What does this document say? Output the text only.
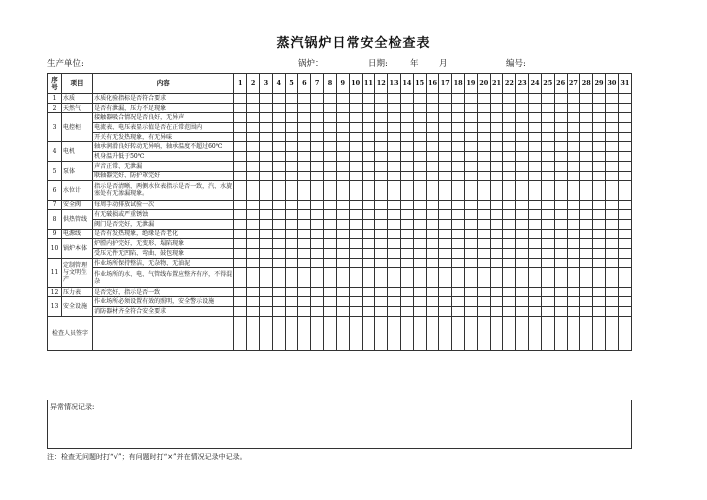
蒸汽锅炉日常安全检查表
生产单位:	锅炉：	日期:	年 月	编号:
序号	项目	内容	1	2	3	4	5	6	7	8	9	10	11	12	13	14	15	16	17	18	19	20	21	22	23	24	25	26	27	28	29	30	31
1	水质	水质化验指标是否符合要求																															
2	天然气	是否有泄漏，压力不足现象																															
3	电控柜	接触器吸合情况是否良好，无异声																															
		电流表、电压表显示值是否在正常范围内																															
		开关有无发热现象，有无异味																															
4	电机	轴承润滑良好转动无异响，轴承温度不超过60℃																															
		机身温升低于50℃																															
5	泵体	声音正常、无泄漏																															
		联轴器完好、防护罩完好																															
6	水位计	指示是否清晰，两侧水位表指示是否一致，汽、水旋塞处有无渗漏现象。																															
7	安全阀	每周手动排放试验一次																															
8	供热管线	有无破损或严重锈蚀																															
		阀门是否完好，无泄漏																															
9	电源线	是否有发热现象，绝缘是否老化																															
10	锅炉本体	炉膛内护完好，无变形、塌陷现象																															
		受压元件无凹陷、弯曲、鼓包现象																															
11	定制管理与文明生产	作业场所保持整洁，无杂物、无油泥																															
		作业场所的水、电、气管线布置应整齐有序，不得混杂																															
12	压力表	是否完好，指示是否一致																															
13	安全设施	作业场所必须设置有效的照明，安全警示设施																															
		消防器材齐全符合安全要求																															
检查人员签字																																	
异常情况记录:
注：检查无问题时打“√”；有问题时打“×”并在情况记录中记录。
